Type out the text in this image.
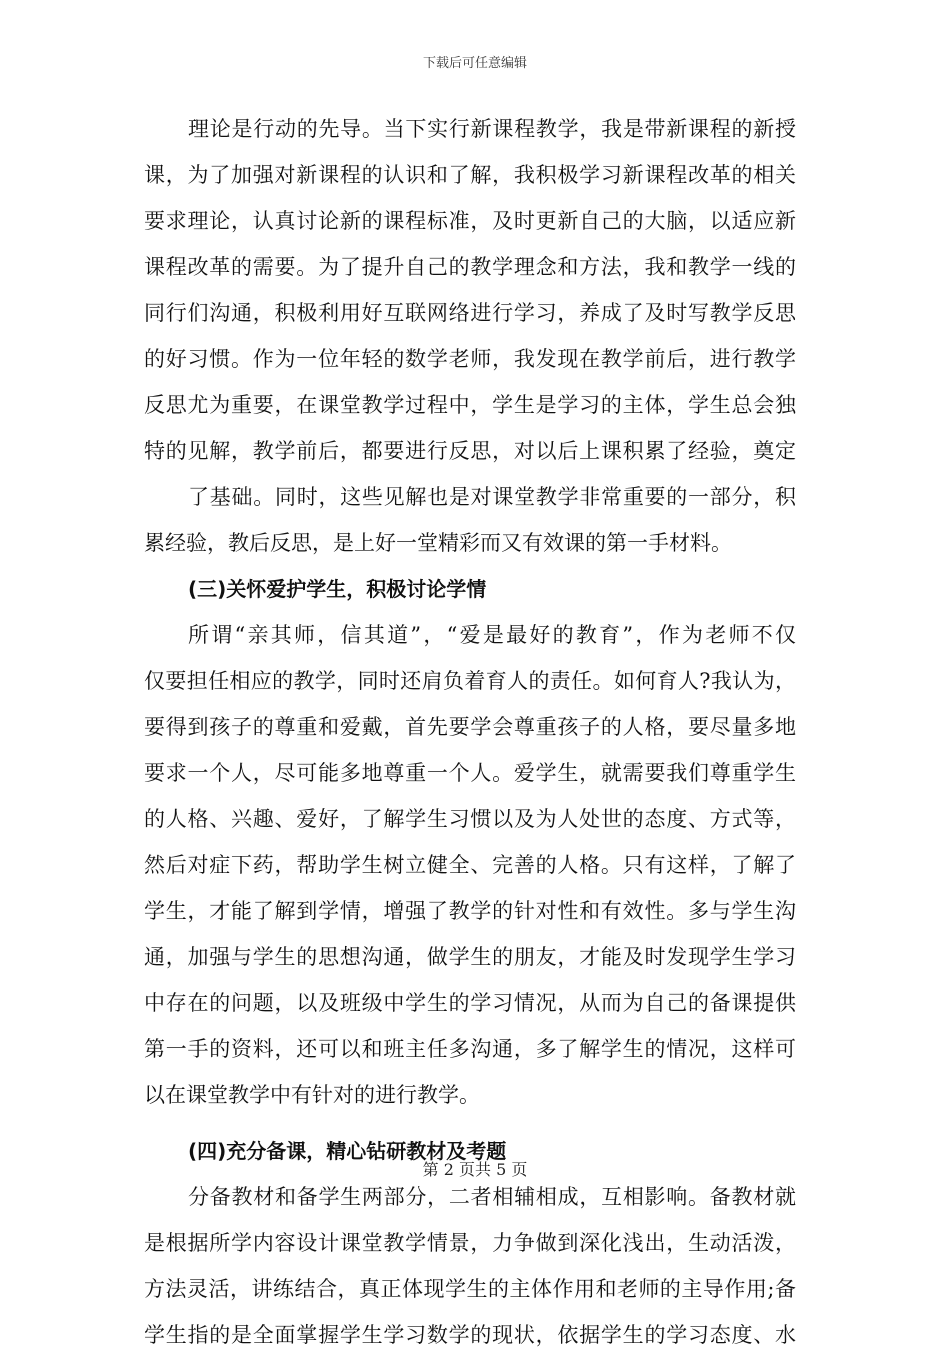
下载后可任意编辑
理论是行动的先导。当下实行新课程教学，我是带新课程的新授
课，为了加强对新课程的认识和了解，我积极学习新课程改革的相关
要求理论，认真讨论新的课程标准，及时更新自己的大脑，以适应新
课程改革的需要。为了提升自己的教学理念和方法，我和教学一线的
同行们沟通，积极利用好互联网络进行学习，养成了及时写教学反思
的好习惯。作为一位年轻的数学老师，我发现在教学前后，进行教学
反思尤为重要，在课堂教学过程中，学生是学习的主体，学生总会独
特的见解，教学前后，都要进行反思，对以后上课积累了经验，奠定
了基础。同时，这些见解也是对课堂教学非常重要的一部分，积
累经验，教后反思，是上好一堂精彩而又有效课的第一手材料。
(三)关怀爱护学生，积极讨论学情
所谓“亲其师，信其道”，“爱是最好的教育”，作为老师不仅
仅要担任相应的教学，同时还肩负着育人的责任。如何育人?我认为，
要得到孩子的尊重和爱戴，首先要学会尊重孩子的人格，要尽量多地
要求一个人，尽可能多地尊重一个人。爱学生，就需要我们尊重学生
的人格、兴趣、爱好，了解学生习惯以及为人处世的态度、方式等，
然后对症下药，帮助学生树立健全、完善的人格。只有这样，了解了
学生，才能了解到学情，增强了教学的针对性和有效性。多与学生沟
通，加强与学生的思想沟通，做学生的朋友，才能及时发现学生学习
中存在的问题，以及班级中学生的学习情况，从而为自己的备课提供
第一手的资料，还可以和班主任多沟通，多了解学生的情况，这样可
以在课堂教学中有针对的进行教学。
(四)充分备课，精心钻研教材及考题
分备教材和备学生两部分，二者相辅相成，互相影响。备教材就
是根据所学内容设计课堂教学情景，力争做到深化浅出，生动活泼，
方法灵活，讲练结合，真正体现学生的主体作用和老师的主导作用;备
学生指的是全面掌握学生学习数学的现状，依据学生的学习态度、水
第 2 页共 5 页
